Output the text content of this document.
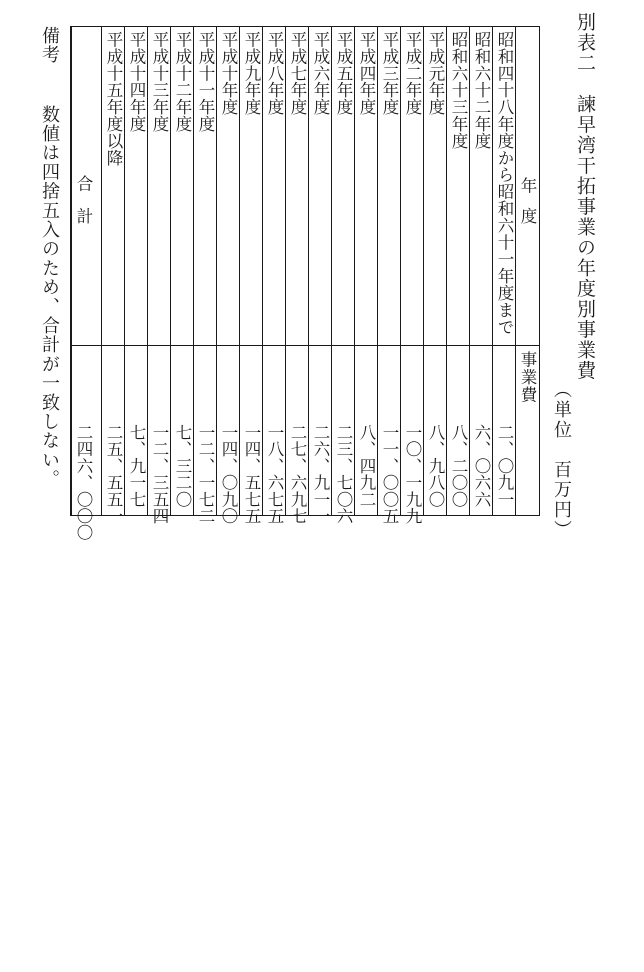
別表二　諫早湾干拓事業の年度別事業費
（単位　百万円）
年度
事業費
昭和四十八年度から昭和六十一年度まで
二、〇九一
昭和六十二年度
六、〇六六
昭和六十三年度
八、二〇〇
平成元年度
八、九八〇
平成二年度
一〇、一九九
平成三年度
一一、〇〇五
平成四年度
八、四九二
平成五年度
二三、七〇六
平成六年度
二六、九一一
平成七年度
二七、六九七
平成八年度
一八、六七五
平成九年度
一四、五七五
平成十年度
一四、〇九〇
平成十一年度
一二、一七二
平成十二年度
七、三二〇
平成十三年度
一二、三五四
平成十四年度
七、九一七
平成十五年度以降
二五、五五一
合計
二四六、〇〇〇
備考 数値は四捨五入のため、合計が一致しない。
